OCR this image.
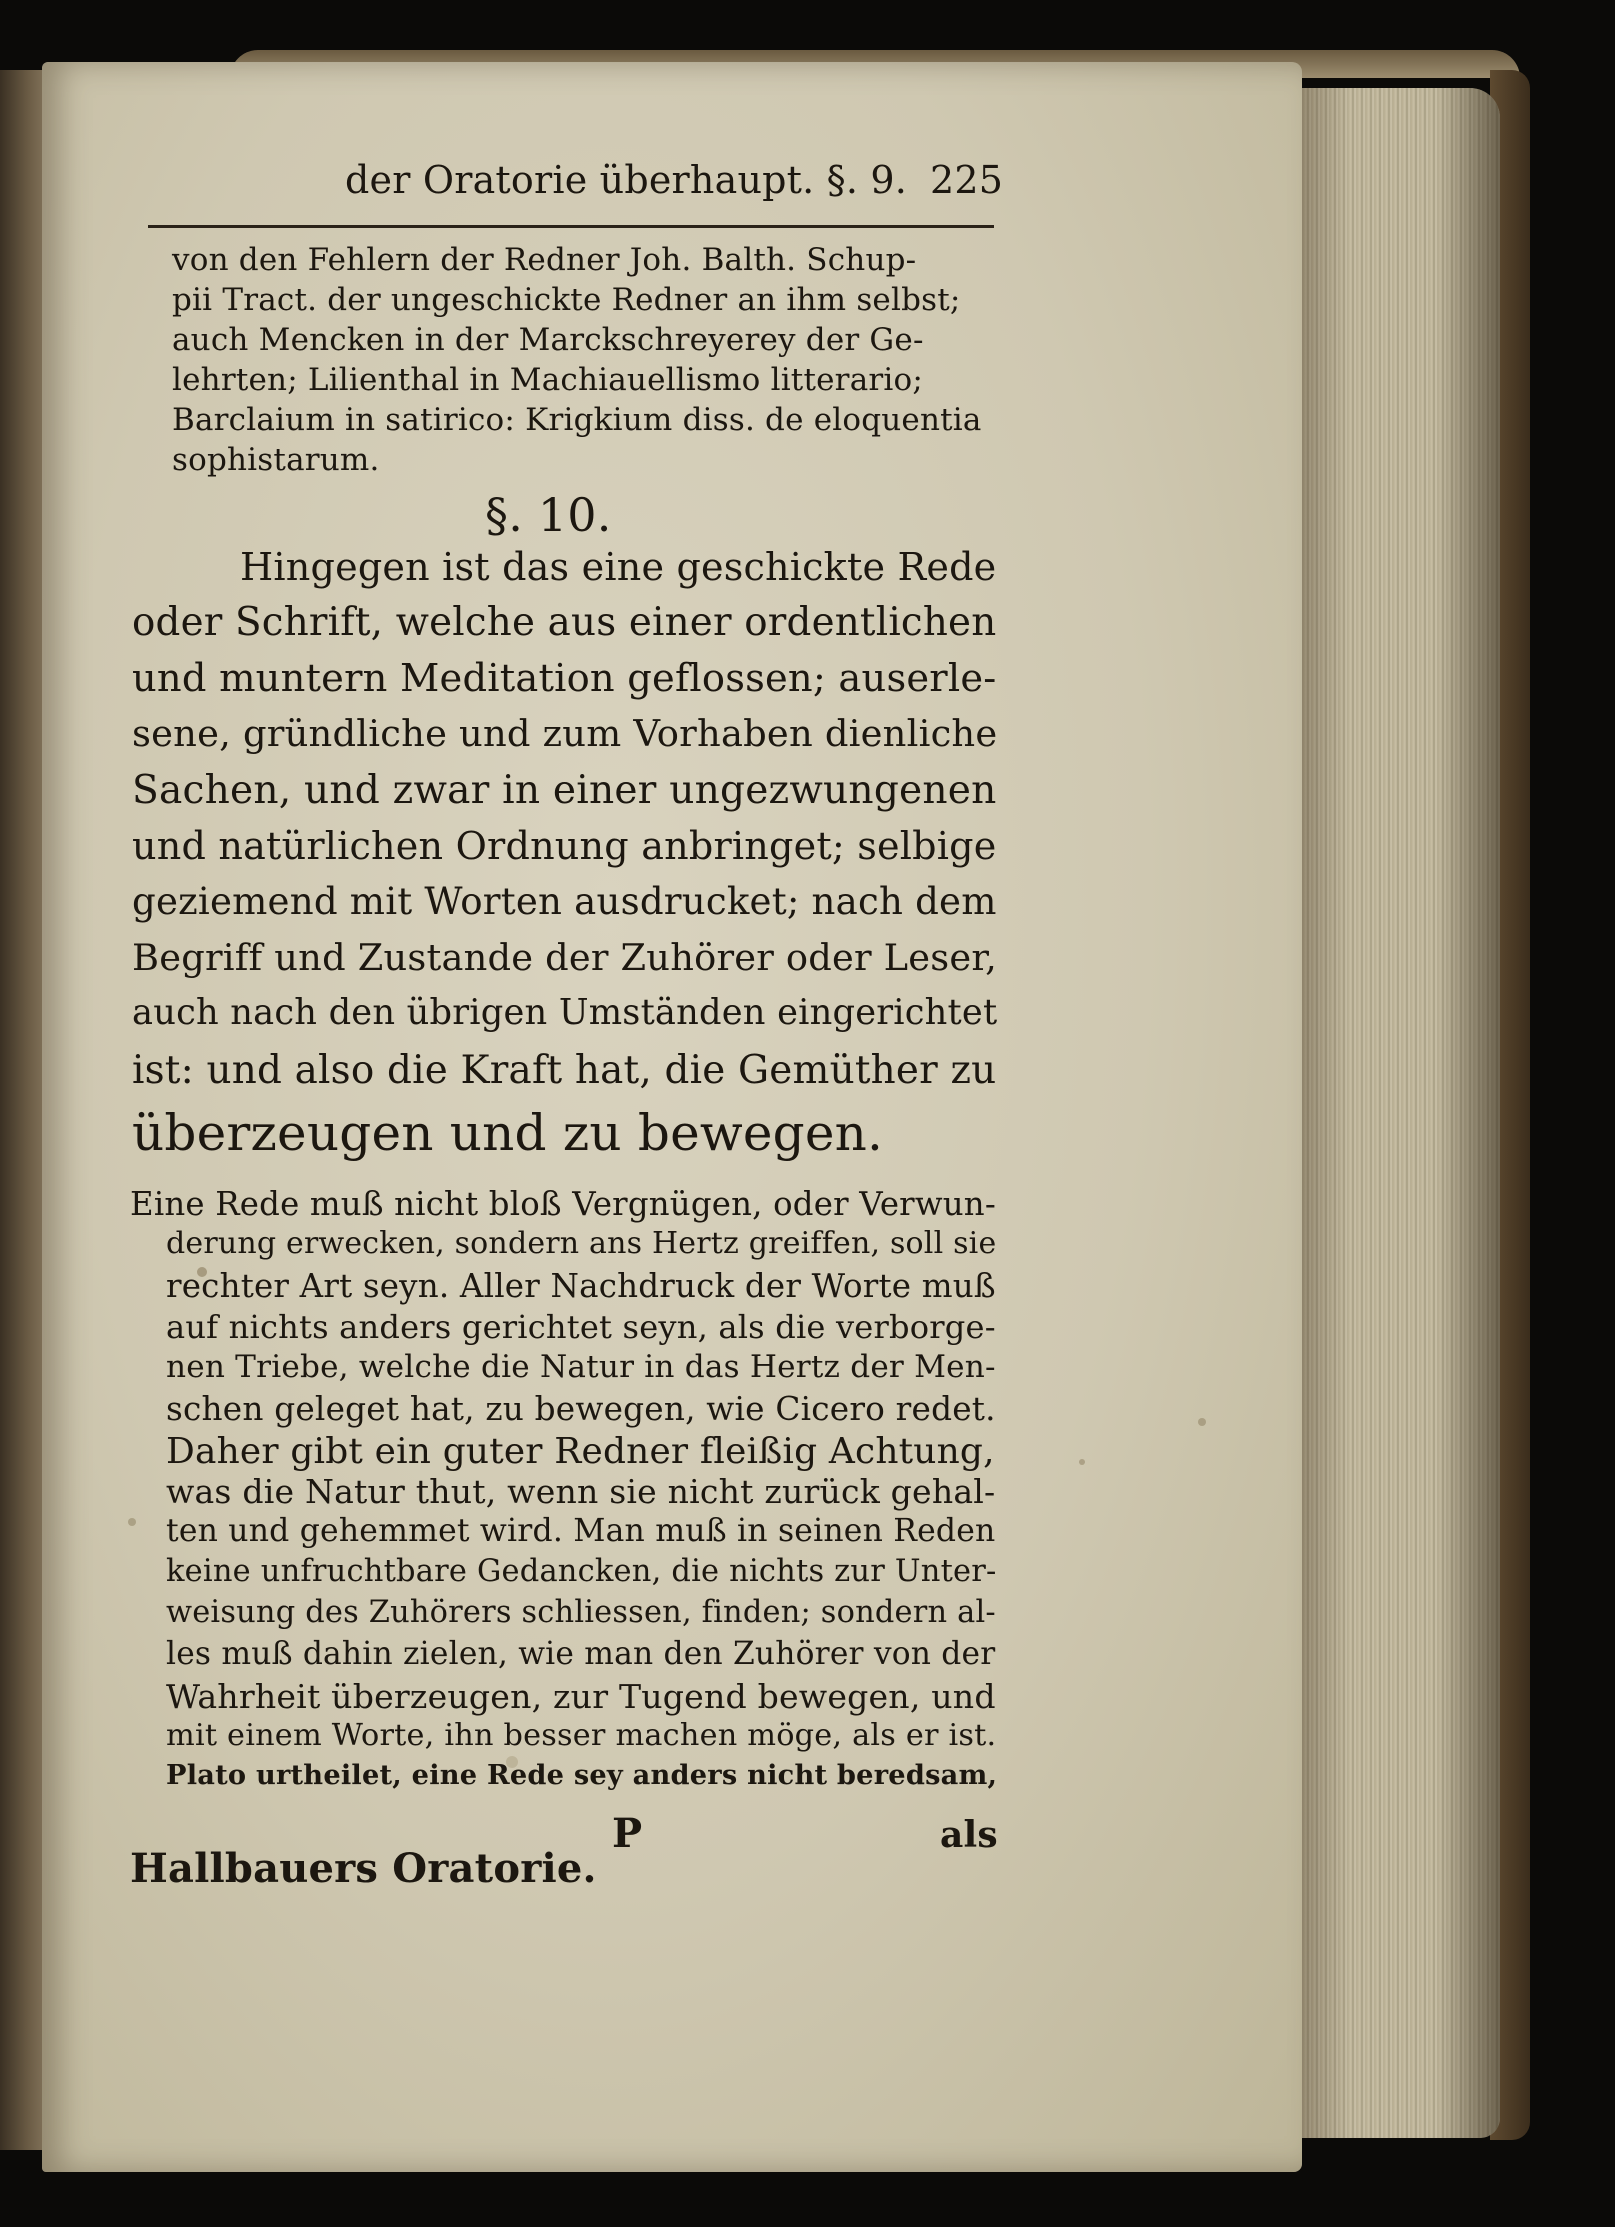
der Oratorie überhaupt. §. 9. 225
von den Fehlern der Redner Joh. Balth. Schup-
pii Tract. der ungeschickte Redner an ihm selbst;
auch Mencken in der Marckschreyerey der Ge-
lehrten; Lilienthal in Machiauellismo litterario;
Barclaium in satirico: Krigkium diss. de eloquentia
sophistarum.
§. 10.
Hingegen ist das eine geschickte Rede
oder Schrift, welche aus einer ordentlichen
und muntern Meditation geflossen; auserle-
sene, gründliche und zum Vorhaben dienliche
Sachen, und zwar in einer ungezwungenen
und natürlichen Ordnung anbringet; selbige
geziemend mit Worten ausdrucket; nach dem
Begriff und Zustande der Zuhörer oder Leser,
auch nach den übrigen Umständen eingerichtet
ist: und also die Kraft hat, die Gemüther zu
überzeugen und zu bewegen.
Eine Rede muß nicht bloß Vergnügen, oder Verwun-
derung erwecken, sondern ans Hertz greiffen, soll sie
rechter Art seyn. Aller Nachdruck der Worte muß
auf nichts anders gerichtet seyn, als die verborge-
nen Triebe, welche die Natur in das Hertz der Men-
schen geleget hat, zu bewegen, wie Cicero redet.
Daher gibt ein guter Redner fleißig Achtung,
was die Natur thut, wenn sie nicht zurück gehal-
ten und gehemmet wird. Man muß in seinen Reden
keine unfruchtbare Gedancken, die nichts zur Unter-
weisung des Zuhörers schliessen, finden; sondern al-
les muß dahin zielen, wie man den Zuhörer von der
Wahrheit überzeugen, zur Tugend bewegen, und
mit einem Worte, ihn besser machen möge, als er ist.
Plato urtheilet, eine Rede sey anders nicht beredsam,
P	als
Hallbauers Oratorie.
